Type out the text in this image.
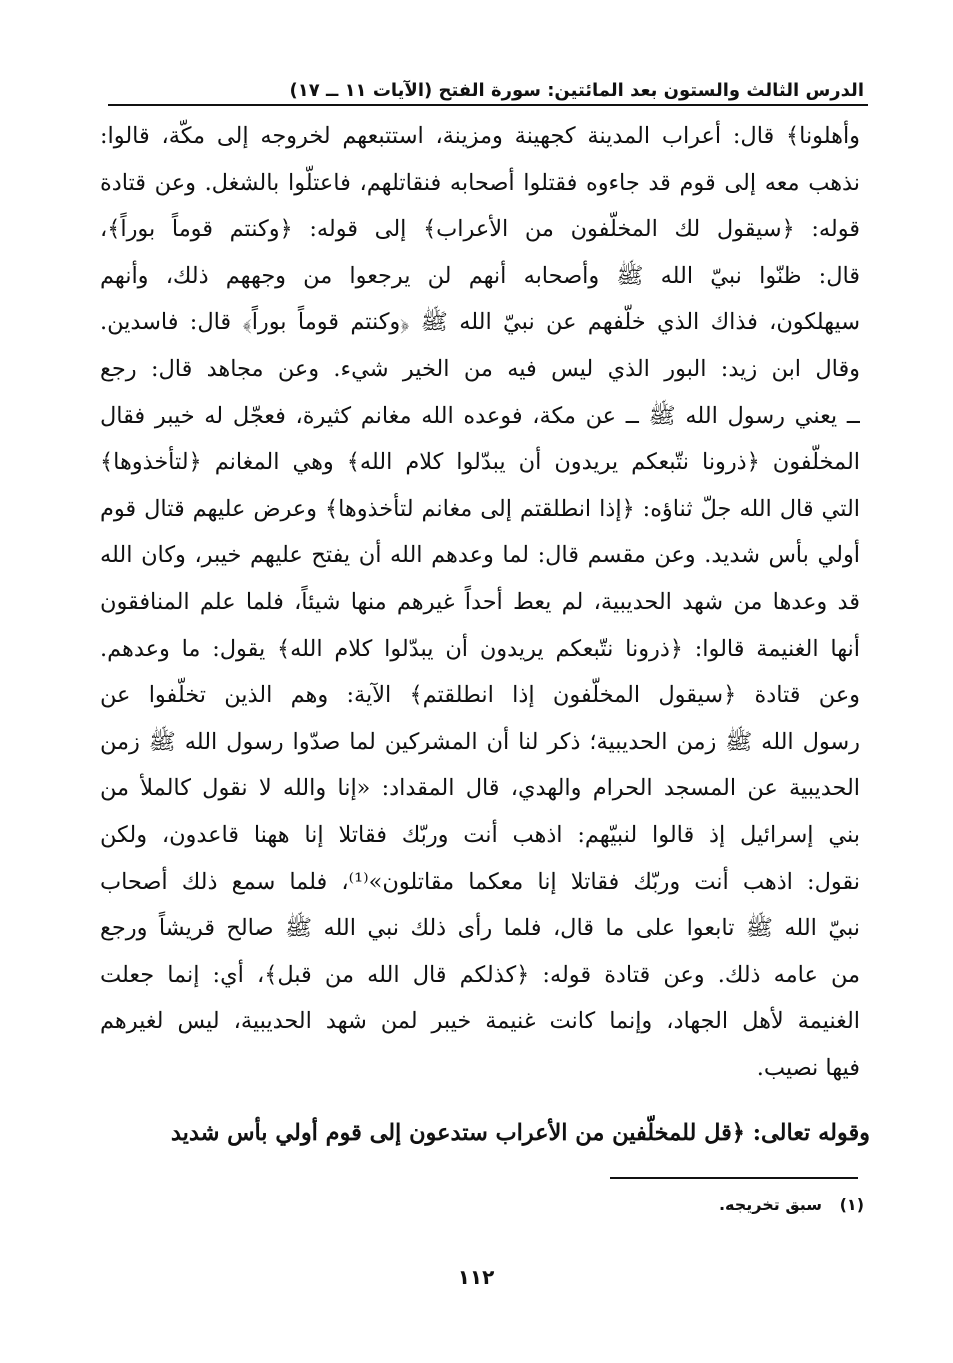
الدرس الثالث والستون بعد المائتين: سورة الفتح (الآيات ١١ ــ ١٧)
وأهلونا﴾ قال: أعراب المدينة كجهينة ومزينة، استتبعهم لخروجه إلى مكّة، قالوا:
نذهب معه إلى قوم قد جاءوه فقتلوا أصحابه فنقاتلهم، فاعتلّوا بالشغل. وعن قتادة
قوله: ﴿سيقول لك المخلّفون من الأعراب﴾ إلى قوله: ﴿وكنتم قوماً بوراً﴾،
قال: ظنّوا نبيّ الله ﷺ وأصحابه أنهم لن يرجعوا من وجههم ذلك، وأنهم
سيهلكون، فذاك الذي خلّفهم عن نبيّ الله ﷺ ﴿وكنتم قوماً بوراً﴾ قال: فاسدين.
وقال ابن زيد: البور الذي ليس فيه من الخير شيء. وعن مجاهد قال: رجع
ــ يعني رسول الله ﷺ ــ عن مكة، فوعده الله مغانم كثيرة، فعجّل له خيبر فقال
المخلّفون ﴿ذرونا نتّبعكم يريدون أن يبدّلوا كلام الله﴾ وهي المغانم ﴿لتأخذوها﴾
التي قال الله جلّ ثناؤه: ﴿إذا انطلقتم إلى مغانم لتأخذوها﴾ وعرض عليهم قتال قوم
أولي بأس شديد. وعن مقسم قال: لما وعدهم الله أن يفتح عليهم خيبر، وكان الله
قد وعدها من شهد الحديبية، لم يعط أحداً غيرهم منها شيئاً، فلما علم المنافقون
أنها الغنيمة قالوا: ﴿ذرونا نتّبعكم يريدون أن يبدّلوا كلام الله﴾ يقول: ما وعدهم.
وعن قتادة ﴿سيقول المخلّفون إذا انطلقتم﴾ الآية: وهم الذين تخلّفوا عن
رسول الله ﷺ زمن الحديبية؛ ذكر لنا أن المشركين لما صدّوا رسول الله ﷺ زمن
الحديبية عن المسجد الحرام والهدي، قال المقداد: «إنا والله لا نقول كالملأ من
بني إسرائيل إذ قالوا لنبيّهم: اذهب أنت وربّك فقاتلا إنا ههنا قاعدون، ولكن
نقول: اذهب أنت وربّك فقاتلا إنا معكما مقاتلون»⁽¹⁾، فلما سمع ذلك أصحاب
نبيّ الله ﷺ تابعوا على ما قال، فلما رأى ذلك نبي الله ﷺ صالح قريشاً ورجع
من عامه ذلك. وعن قتادة قوله: ﴿كذلكم قال الله من قبل﴾، أي: إنما جعلت
الغنيمة لأهل الجهاد، وإنما كانت غنيمة خيبر لمن شهد الحديبية، ليس لغيرهم
فيها نصيب.
وقوله تعالى: ﴿قل للمخلّفين من الأعراب ستدعون إلى قوم أولي بأس شديد
(١) سبق تخريجه.
١١٢
